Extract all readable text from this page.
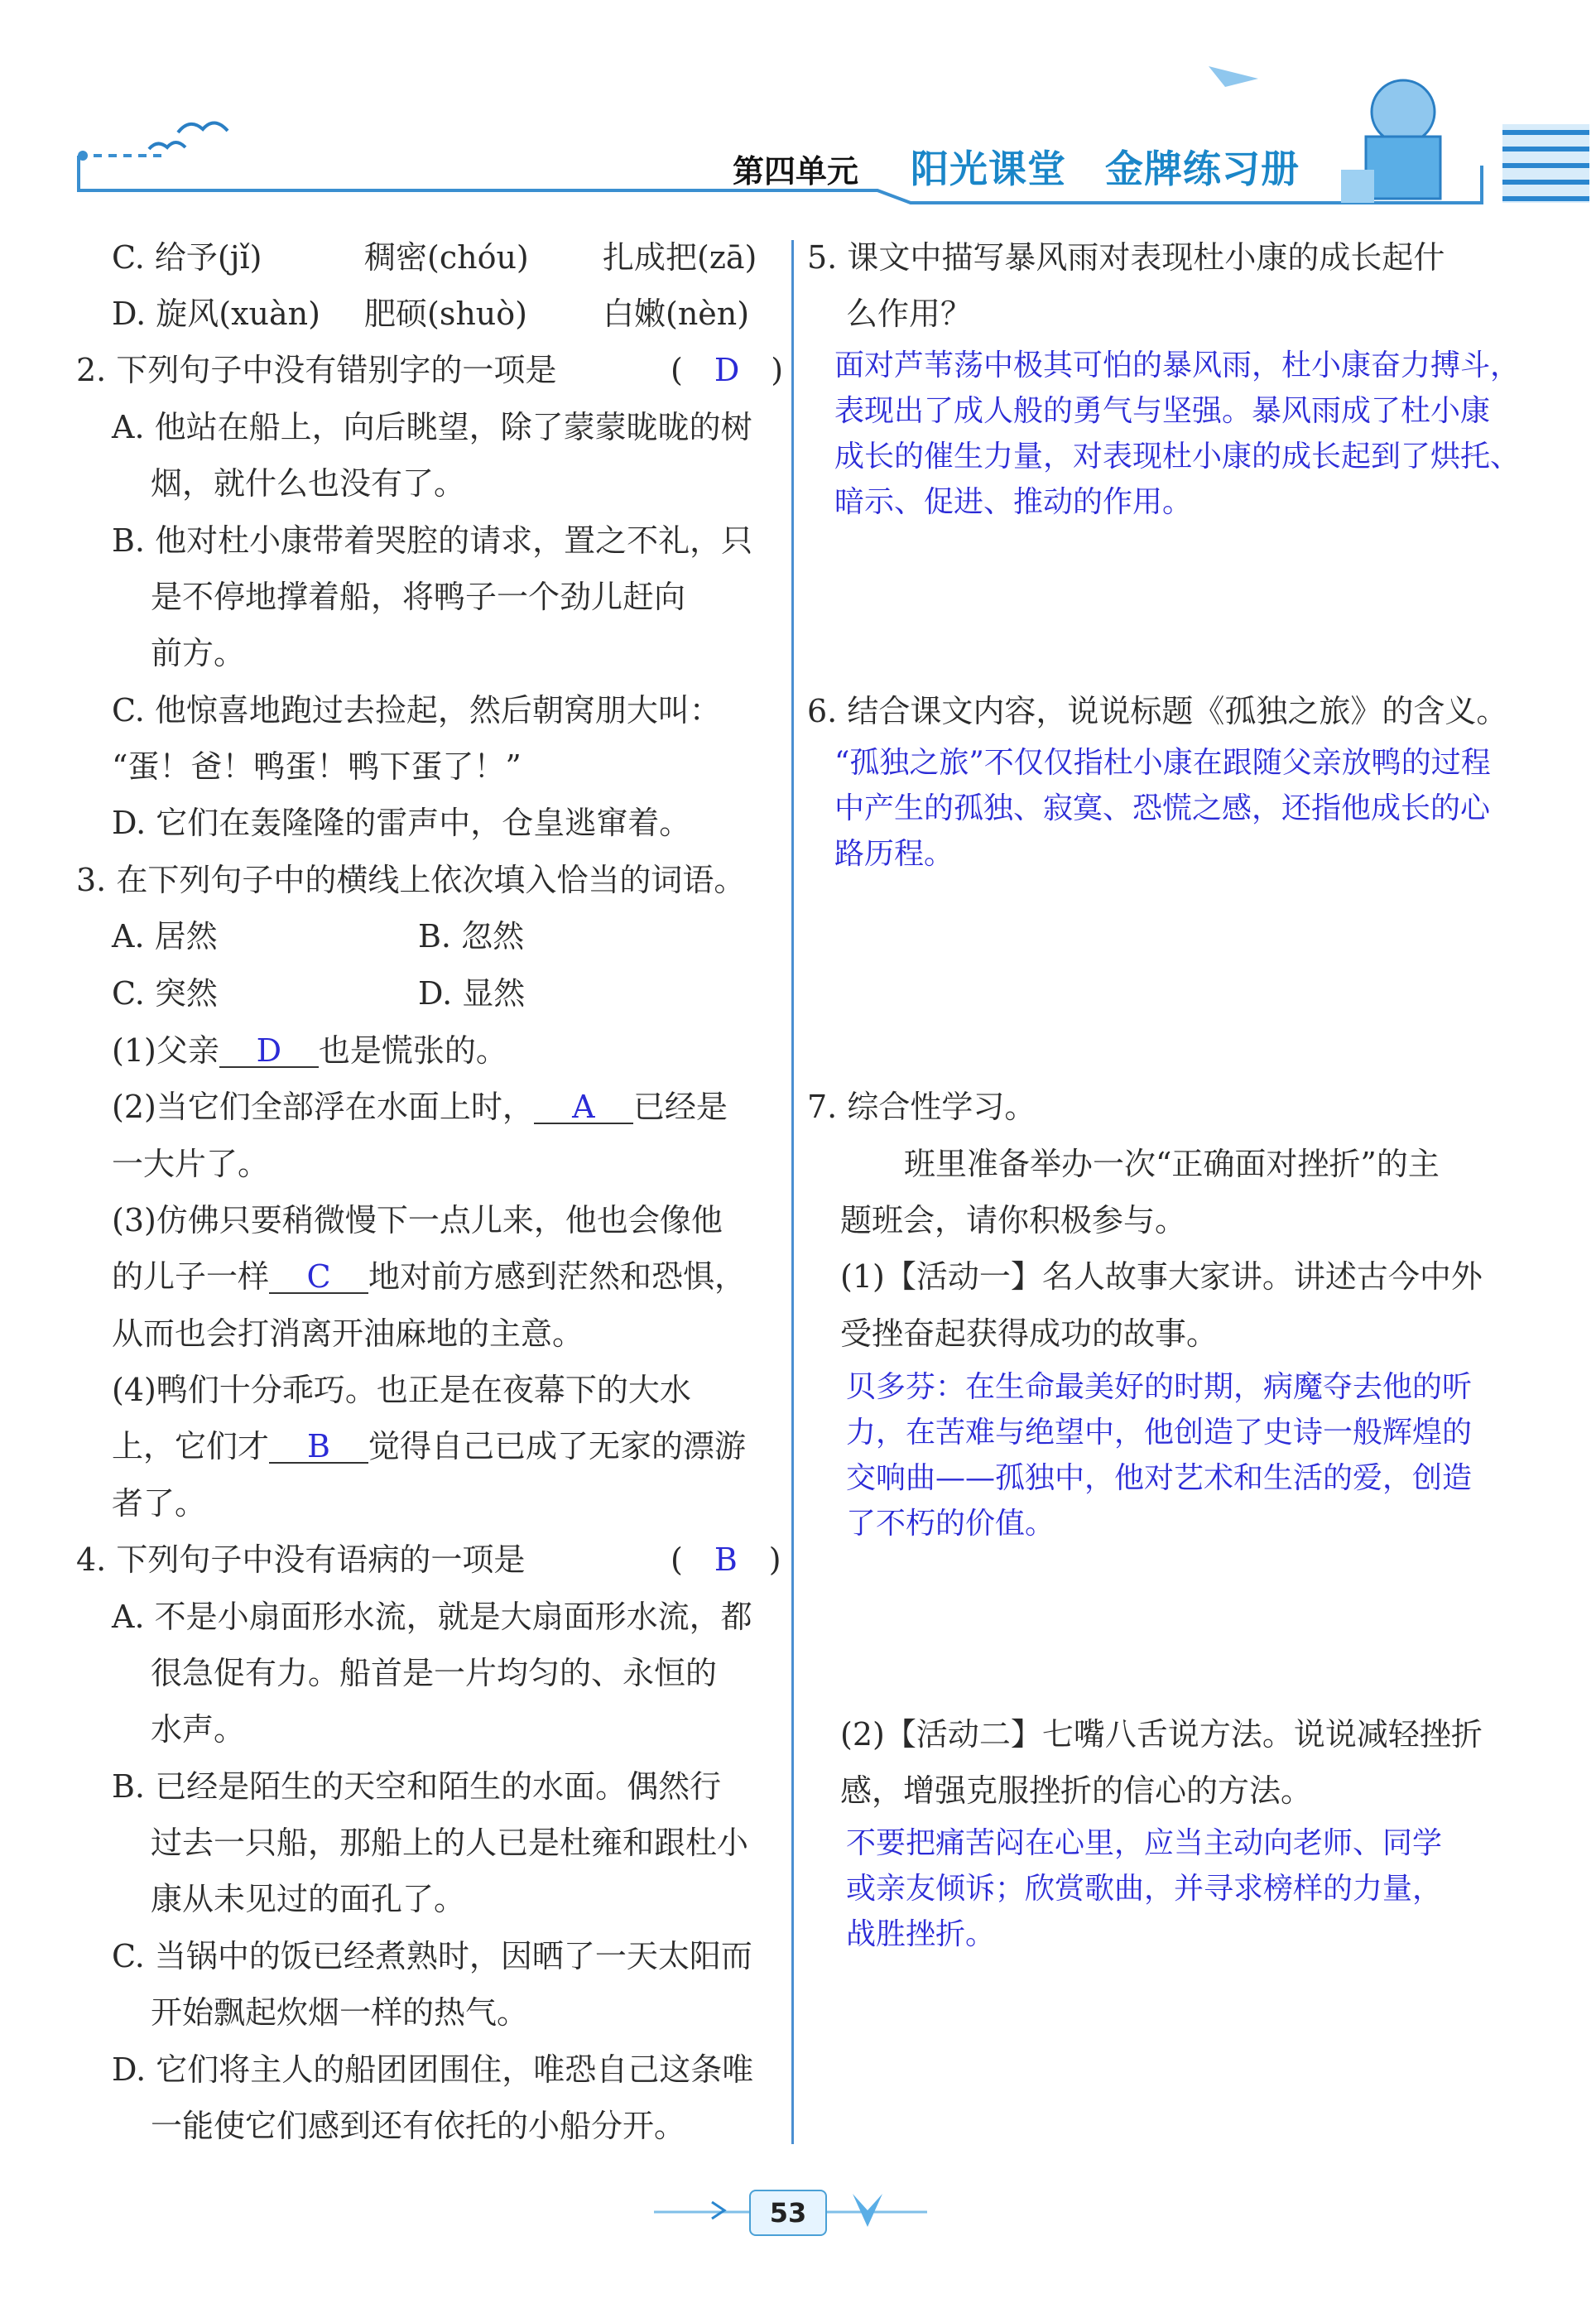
第四单元 阳光课堂　金牌练习册
C. 给予(jǐ)	稠密(chóu) 扎成把(zā)
D. 旋风(xuàn) 肥硕(shuò) 白嫩(nèn)
2. 下列句子中没有错别字的一项是	(　D　)
A. 他站在船上，向后眺望，除了蒙蒙昽昽的树
烟，就什么也没有了。
B. 他对杜小康带着哭腔的请求，置之不礼，只
是不停地撑着船，将鸭子一个劲儿赶向
前方。
C. 他惊喜地跑过去捡起，然后朝窝朋大叫：
“蛋！爸！鸭蛋！鸭下蛋了！”
D. 它们在轰隆隆的雷声中，仓皇逃窜着。
3. 在下列句子中的横线上依次填入恰当的词语。
A. 居然	B. 忽然
C. 突然	D. 显然
(1)父亲 D 也是慌张的。
(2)当它们全部浮在水面上时， A 已经是
一大片了。
(3)仿佛只要稍微慢下一点儿来，他也会像他
的儿子一样 C 地对前方感到茫然和恐惧，
从而也会打消离开油麻地的主意。
(4)鸭们十分乖巧。也正是在夜幕下的大水
上，它们才 B 觉得自己已成了无家的漂游
者了。
4. 下列句子中没有语病的一项是	(　B　)
A. 不是小扇面形水流，就是大扇面形水流，都
很急促有力。船首是一片均匀的、永恒的
水声。
B. 已经是陌生的天空和陌生的水面。偶然行
过去一只船，那船上的人已是杜雍和跟杜小
康从未见过的面孔了。
C. 当锅中的饭已经煮熟时，因晒了一天太阳而
开始飘起炊烟一样的热气。
D. 它们将主人的船团团围住，唯恐自己这条唯
一能使它们感到还有依托的小船分开。
5. 课文中描写暴风雨对表现杜小康的成长起什
么作用？
面对芦苇荡中极其可怕的暴风雨，杜小康奋力搏斗，
表现出了成人般的勇气与坚强。暴风雨成了杜小康
成长的催生力量，对表现杜小康的成长起到了烘托、
暗示、促进、推动的作用。
6. 结合课文内容，说说标题《孤独之旅》的含义。
“孤独之旅”不仅仅指杜小康在跟随父亲放鸭的过程
中产生的孤独、寂寞、恐慌之感，还指他成长的心
路历程。
7. 综合性学习。
班里准备举办一次“正确面对挫折”的主
题班会，请你积极参与。
(1)【活动一】名人故事大家讲。讲述古今中外
受挫奋起获得成功的故事。
贝多芬：在生命最美好的时期，病魔夺去他的听
力，在苦难与绝望中，他创造了史诗一般辉煌的
交响曲——孤独中，他对艺术和生活的爱，创造
了不朽的价值。
(2)【活动二】七嘴八舌说方法。说说减轻挫折
感，增强克服挫折的信心的方法。
不要把痛苦闷在心里，应当主动向老师、同学
或亲友倾诉；欣赏歌曲，并寻求榜样的力量，
战胜挫折。
53
